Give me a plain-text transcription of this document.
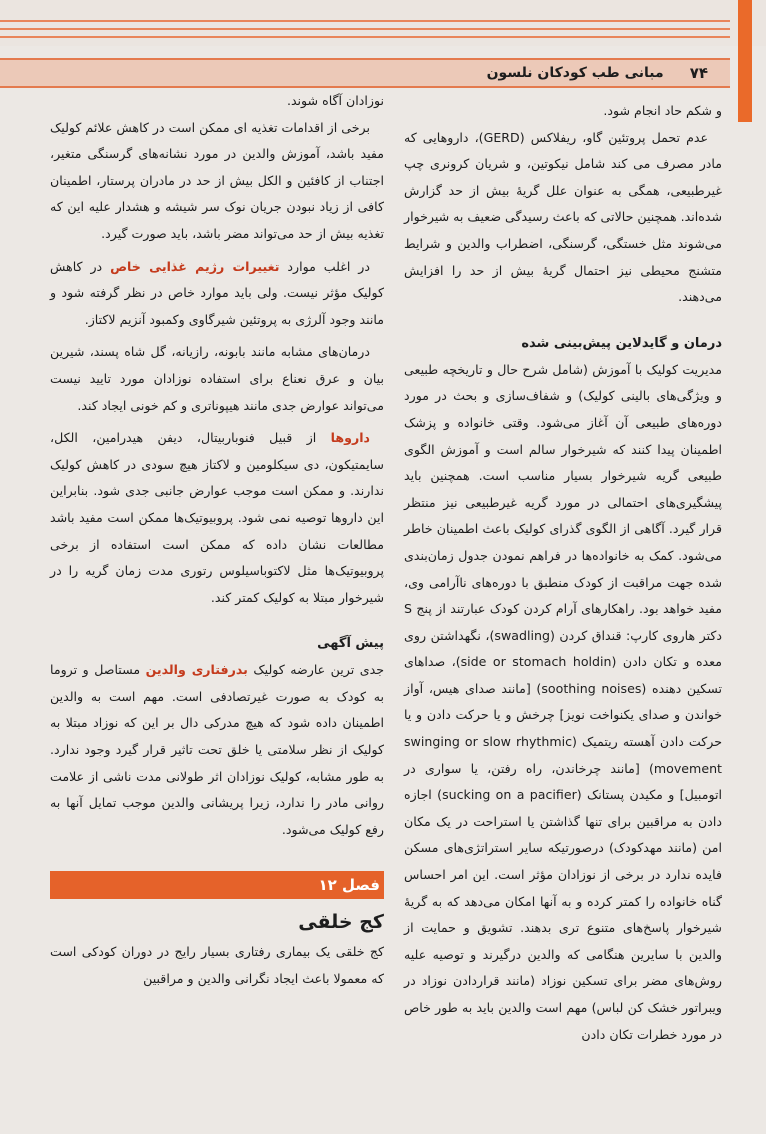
۷۴
مبانی طب کودکان نلسون

و شکم حاد انجام شود.

عدم تحمل پروتئین گاو، ریفلاکس (GERD)، داروهایی که مادر مصرف می کند شامل نیکوتین، و شریان کرونری چپ غیرطبیعی، همگی به عنوان علل گریهٔ بیش از حد گزارش شده‌اند. همچنین حالاتی که باعث رسیدگی ضعیف به شیرخوار می‌شوند مثل خستگی، گرسنگی، اضطراب والدین و شرایط متشنج محیطی نیز احتمال گریهٔ بیش از حد را افزایش می‌دهند.

درمان و گایدلاین پیش‌بینی شده

مدیریت کولیک با آموزش (شامل شرح حال و تاریخچه طبیعی و ویژگی‌های بالینی کولیک) و شفاف‌سازی و بحث در مورد دوره‌های طبیعی آن آغاز می‌شود. وقتی خانواده و پزشک اطمینان پیدا کنند که شیرخوار سالم است و آموزش الگوی طبیعی گریه شیرخوار بسیار مناسب است. همچنین باید پیشگیری‌های احتمالی در مورد گریه غیرطبیعی نیز منتظر قرار گیرد. آگاهی از الگوی گذرای کولیک باعث اطمینان خاطر می‌شود. کمک به خانواده‌ها در فراهم نمودن جدول زمان‌بندی شده جهت مراقبت از کودک منطبق با دوره‌های ناآرامی وی، مفید خواهد بود. راهکارهای آرام کردن کودک عبارتند از پنج S دکتر هاروی کارپ: قنداق کردن (swadling)، نگهداشتن روی معده و تکان دادن (side or stomach holdin)، صداهای تسکین دهنده (soothing noises) [مانند صدای هیس، آواز خواندن و صدای یکنواخت نویز] چرخش و یا حرکت دادن و یا حرکت دادن آهسته ریتمیک (swinging or slow rhythmic movement) [مانند چرخاندن، راه رفتن، یا سواری در اتومبیل] و مکیدن پستانک (sucking on a pacifier) اجازه دادن به مراقبین برای تنها گذاشتن یا استراحت در یک مکان امن (مانند مهدکودک) درصورتیکه سایر استراتژی‌های مسکن فایده ندارد در برخی از نوزادان مؤثر است. این امر احساس گناه خانواده را کمتر کرده و به آنها امکان می‌دهد که به گریهٔ شیرخوار پاسخ‌های متنوع تری بدهند. تشویق و حمایت از والدین با سایرین هنگامی که والدین درگیرند و توصیه علیه روش‌های مضر برای تسکین نوزاد (مانند قراردادن نوزاد در ویبراتور خشک کن لباس) مهم است والدین باید به طور خاص در مورد خطرات تکان دادن

نوزادان آگاه شوند.

برخی از اقدامات تغذیه ای ممکن است در کاهش علائم کولیک مفید باشد، آموزش والدین در مورد نشانه‌های گرسنگی متغیر، اجتناب از کافئین و الکل بیش از حد در مادران پرستار، اطمینان کافی از زیاد نبودن جریان نوک سر شیشه و هشدار علیه این که تغذیه بیش از حد می‌تواند مضر باشد، باید صورت گیرد.

در اغلب موارد تغییرات رژیم غذایی خاص در کاهش کولیک مؤثر نیست. ولی باید موارد خاص در نظر گرفته شود و مانند وجود آلرژی به پروتئین شیرگاوی وکمبود آنزیم لاکتاز.

درمان‌های مشابه مانند بابونه، رازیانه، گل شاه پسند، شیرین بیان و عرق نعناع برای استفاده نوزادان مورد تایید نیست می‌تواند عوارض جدی مانند هیپوناتری و کم خونی ایجاد کند.

داروها از قبیل فنوباربیتال، دیفن هیدرامین، الکل، سایمتیکون، دی سیکلومین و لاکتاز هیچ سودی در کاهش کولیک ندارند. و ممکن است موجب عوارض جانبی جدی شود. بنابراین این داروها توصیه نمی شود. پروبیوتیک‌ها ممکن است مفید باشد مطالعات نشان داده که ممکن است استفاده از برخی پروبیوتیک‌ها مثل لاکتوباسیلوس رتوری مدت زمان گریه را در شیرخوار مبتلا به کولیک کمتر کند.

پیش آگهی

جدی ترین عارضه کولیک بدرفتاری والدین مستاصل و تروما به کودک به صورت غیرتصادفی است. مهم است به والدین اطمینان داده شود که هیچ مدرکی دال بر این که نوزاد مبتلا به کولیک از نظر سلامتی یا خلق تحت تاثیر قرار گیرد وجود ندارد. به طور مشابه، کولیک نوزادان اثر طولانی مدت ناشی از علامت روانی مادر را ندارد، زیرا پریشانی والدین موجب تمایل آنها به رفع کولیک می‌شود.

فصل ۱۲
کج خلقی

کج خلقی یک بیماری رفتاری بسیار رایج در دوران کودکی است که معمولا باعث ایجاد نگرانی والدین و مراقبین
